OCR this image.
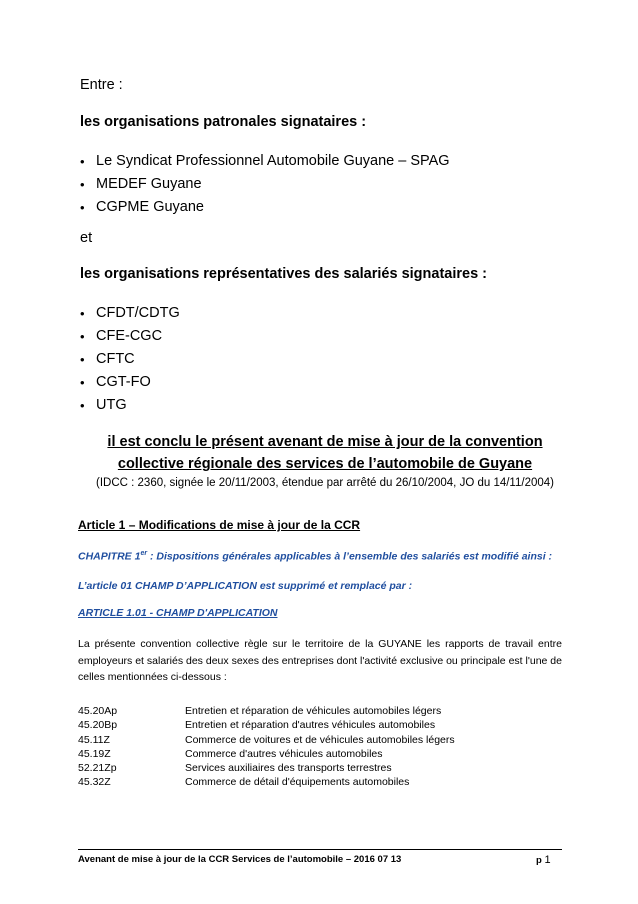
Entre :
les organisations patronales signataires :
• Le Syndicat Professionnel Automobile Guyane – SPAG
• MEDEF Guyane
• CGPME Guyane
et
les organisations représentatives des salariés signataires :
• CFDT/CDTG
• CFE-CGC
• CFTC
• CGT-FO
• UTG
il est conclu le présent avenant de mise à jour de la convention
collective régionale des services de l’automobile de Guyane
(IDCC : 2360, signée le 20/11/2003, étendue par arrêté du 26/10/2004, JO du 14/11/2004)
Article 1 – Modifications de mise à jour de la CCR
CHAPITRE 1er : Dispositions générales applicables à l’ensemble des salariés est modifié ainsi :
L’article 01 CHAMP D’APPLICATION est supprimé et remplacé par :
ARTICLE 1.01 - CHAMP D'APPLICATION
La présente convention collective règle sur le territoire de la GUYANE les rapports de travail entre employeurs et salariés des deux sexes des entreprises dont l'activité exclusive ou principale est l'une de celles mentionnées ci-dessous :
45.20Ap	Entretien et réparation de véhicules automobiles légers
45.20Bp	Entretien et réparation d'autres véhicules automobiles
45.11Z	Commerce de voitures et de véhicules automobiles légers
45.19Z	Commerce d'autres véhicules automobiles
52.21Zp	Services auxiliaires des transports terrestres
45.32Z	Commerce de détail d'équipements automobiles
Avenant de mise à jour de la CCR Services de l’automobile – 2016 07 13	p 1
